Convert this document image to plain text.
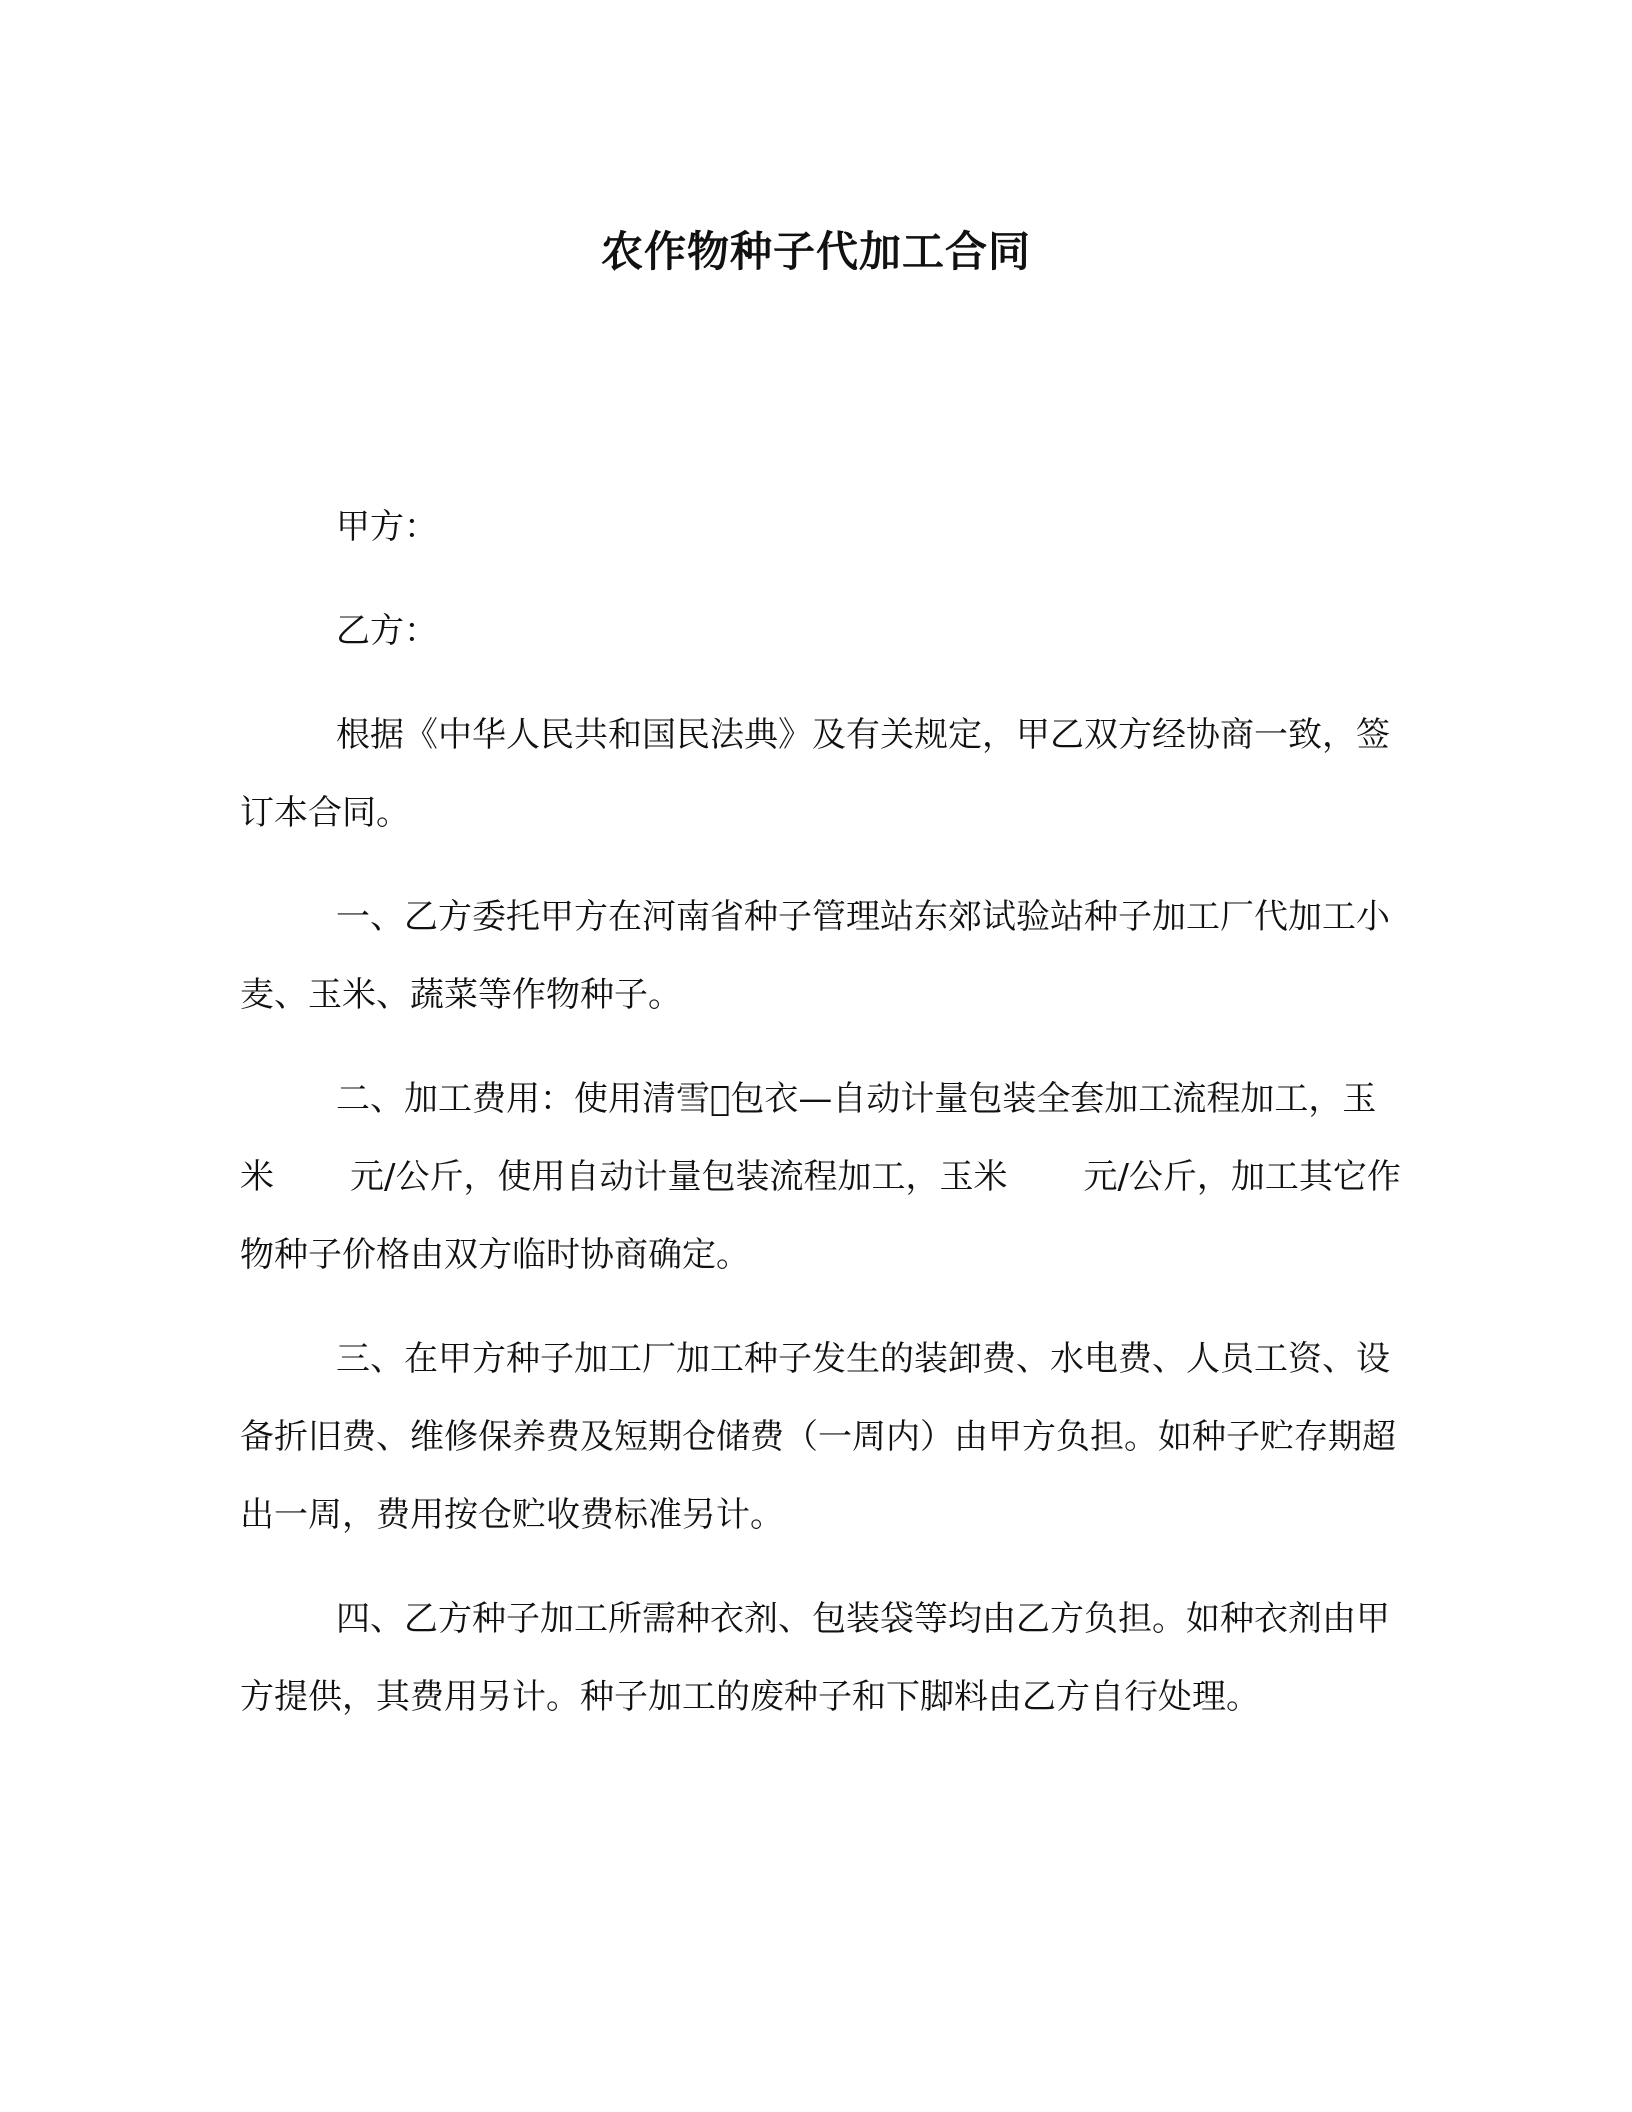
农作物种子代加工合同

甲方：

乙方：

根据《中华人民共和国民法典》及有关规定，甲乙双方经协商一致，签订本合同。

一、乙方委托甲方在河南省种子管理站东郊试验站种子加工厂代加工小麦、玉米、蔬菜等作物种子。

二、加工费用：使用清雪 包衣—自动计量包装全套加工流程加工，玉米 元/公斤，使用自动计量包装流程加工，玉米 元/公斤，加工其它作物种子价格由双方临时协商确定。

三、在甲方种子加工厂加工种子发生的装卸费、水电费、人员工资、设备折旧费、维修保养费及短期仓储费（一周内）由甲方负担。如种子贮存期超出一周，费用按仓贮收费标准另计。

四、乙方种子加工所需种衣剂、包装袋等均由乙方负担。如种衣剂由甲方提供，其费用另计。种子加工的废种子和下脚料由乙方自行处理。
